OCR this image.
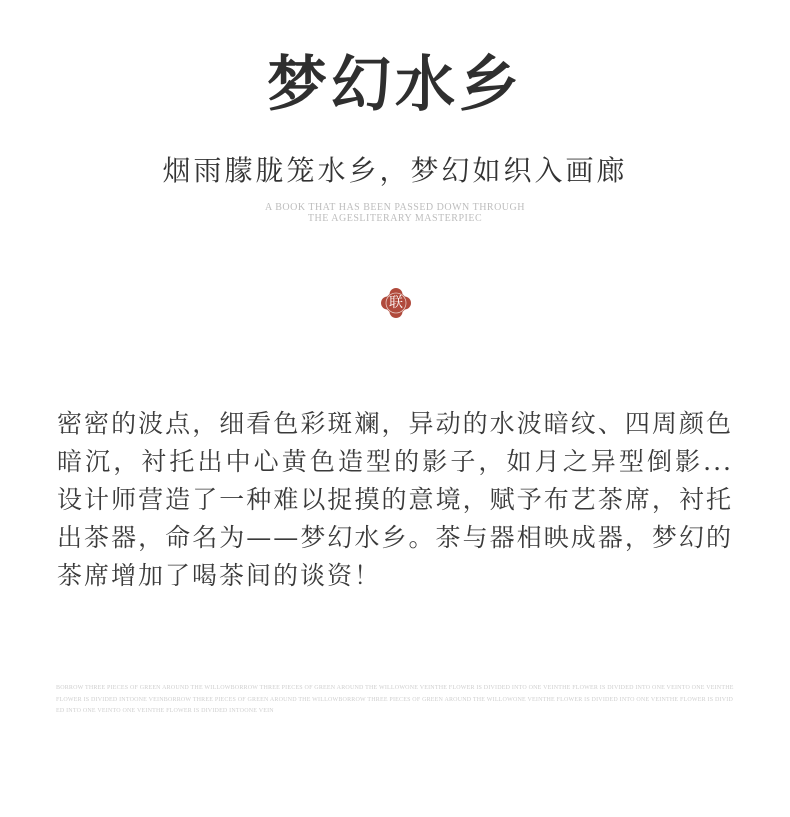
梦幻水乡
烟雨朦胧笼水乡，梦幻如织入画廊
A BOOK THAT HAS BEEN PASSED DOWN THROUGH
THE AGESLITERARY MASTERPIEC
联
密密的波点，细看色彩斑斓，异动的水波暗纹、四周颜色暗沉，衬托出中心黄色造型的影子，如月之异型倒影... 设计师营造了一种难以捉摸的意境，赋予布艺茶席，衬托出茶器，命名为——梦幻水乡。茶与器相映成器，梦幻的茶席增加了喝茶间的谈资！
BORROW THREE PIECES OF GREEN AROUND THE WILLOWBORROW THREE PIECES OF GREEN AROUND THE WILLOWONE VEINTHE FLOWER IS DIVIDED INTO ONE VEINTHE FLOWER IS DIVIDED INTO ONE VEINTO ONE VEINTHE FLOWER IS DIVIDED INTOONE VEINBORROW THREE PIECES OF GREEN AROUND THE WILLOWBORROW THREE PIECES OF GREEN AROUND THE WILLOWONE VEINTHE FLOWER IS DIVIDED INTO ONE VEINTHE FLOWER IS DIVIDED INTO ONE VEINTO ONE VEINTHE FLOWER IS DIVIDED INTOONE VEIN
